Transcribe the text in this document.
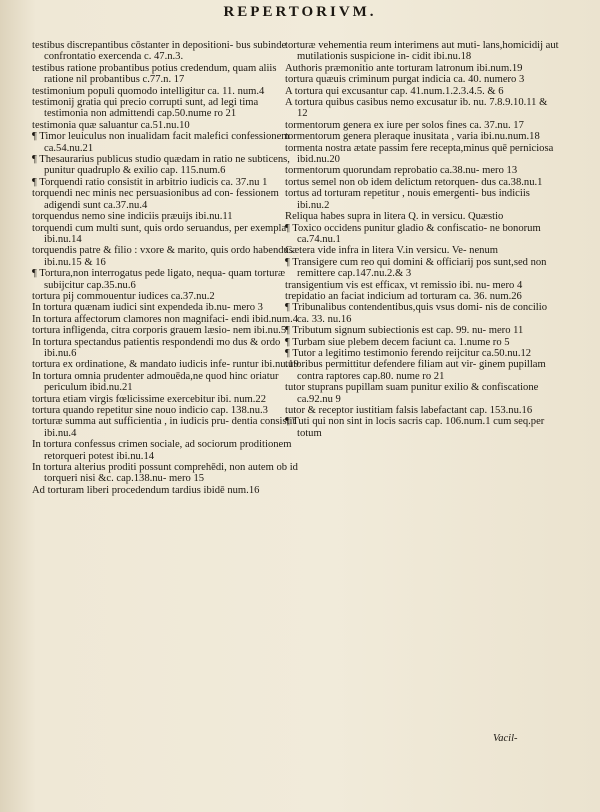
REPERTORIVM.

testibus discrepantibus cōstanter in depositioni- bus subinde confrontatio exercenda c. 47.n.3.

testibus ratione probantibus potius credendum, quam aliis ratione nil probantibus c.77.n. 17

testimonium populi quomodo intelligitur ca. 11. num.4

testimonij gratia qui precio corrupti sunt, ad legi tima testimonia non admittendi cap.50.nume ro 21

testimonia quæ saluantur ca.51.nu.10

¶ Timor leuiculus non inualidam facit malefici confessionem ca.54.nu.21

¶ Thesaurarius publicus studio quædam in ratio ne subticens, punitur quadruplo & exilio cap. 115.num.6

¶ Torquendi ratio consistit in arbitrio iudicis ca. 37.nu 1

torquendi nec minis nec persuasionibus ad con- fessionem adigendi sunt ca.37.nu.4

torquendus nemo sine indiciis præuijs ibi.nu.11

torquendi cum multi sunt, quis ordo seruandus, per exempla ibi.nu.14

torquendis patre & filio : vxore & marito, quis ordo habendus ibi.nu.15 & 16

¶ Tortura,non interrogatus pede ligato, nequa- quam torturæ subijcitur cap.35.nu.6

tortura pij commouentur iudices ca.37.nu.2

In tortura quænam iudici sint expendeda ib.nu- mero 3

In tortura affectorum clamores non magnifaci- endi ibid.num.4

tortura infligenda, citra corporis grauem læsio- nem ibi.nu.5

In tortura spectandus patientis respondendi mo dus & ordo ibi.nu.6

tortura ex ordinatione, & mandato iudicis infe- runtur ibi.nu.19

In tortura omnia prudenter admouēda,ne quod hinc oriatur periculum ibid.nu.21

tortura etiam virgis fœlicissime exercebitur ibi. num.22

tortura quando repetitur sine nouo indicio cap. 138.nu.3

torturæ summa aut sufficientia , in iudicis pru- dentia consistit ibi.nu.4

In tortura confessus crimen sociale, ad sociorum proditionem retorqueri potest ibi.nu.14

In tortura alterius proditi possunt comprehēdi, non autem ob id torqueri nisi &c. cap.138.nu- mero 15

Ad torturam liberi procedendum tardius ibidē num.16

torturæ vehementia reum interimens aut muti- lans,homicidij aut mutilationis suspicione in- cidit ibi.nu.18

Authoris præmonitio ante torturam latronum ibi.num.19

tortura quæuis criminum purgat indicia ca. 40. numero 3

A tortura qui excusantur cap. 41.num.1.2.3.4.5. & 6

A tortura quibus casibus nemo excusatur ib. nu. 7.8.9.10.11 & 12

tormentorum genera ex iure per solos fines ca. 37.nu. 17

tormentorum genera pleraque inusitata , varia ibi.nu.num.18

tormenta nostra ætate passim fere recepta,minus quē perniciosa ibid.nu.20

tormentorum quorundam reprobatio ca.38.nu- mero 13

tortus semel non ob idem delictum retorquen- dus ca.38.nu.1

tortus ad torturam repetitur , nouis emergenti- bus indiciis ibi.nu.2

Reliqua habes supra in litera Q. in versicu. Quæstio

¶ Toxico occidens punitur gladio & confiscatio- ne bonorum ca.74.nu.1

Cætera vide infra in litera V.in versicu. Ve- nenum

¶ Transigere cum reo qui domini & officiarij pos sunt,sed non remittere cap.147.nu.2.& 3

transigentium vis est efficax, vt remissio ibi. nu- mero 4

trepidatio an faciat indicium ad torturam ca. 36. num.26

¶ Tribunalibus contendentibus,quis vsus domi- nis de concilio ca. 33. nu.16

¶ Tributum signum subiectionis est cap. 99. nu- mero 11

¶ Turbam siue plebem decem faciunt ca. 1.nume ro 5

¶ Tutor a legitimo testimonio ferendo reijcitur ca.50.nu.12

tutoribus permittitur defendere filiam aut vir- ginem pupillam contra raptores cap.80. nume ro 21

tutor stuprans pupillam suam punitur exilio & confiscatione ca.92.nu 9

tutor & receptor iustitiam falsis labefactant cap. 153.nu.16

¶ Tuti qui non sint in locis sacris cap. 106.num.1 cum seq.per totum

Vacil-
